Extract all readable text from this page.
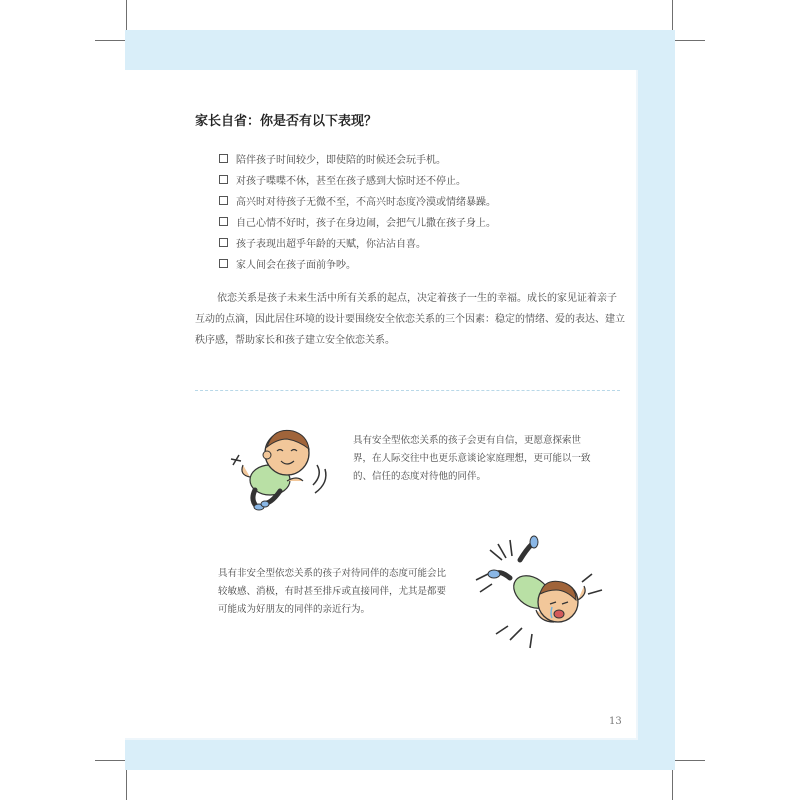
家长自省：你是否有以下表现？
陪伴孩子时间较少，即使陪的时候还会玩手机。
对孩子喋喋不休，甚至在孩子感到大惊时还不停止。
高兴时对待孩子无微不至，不高兴时态度冷漠或情绪暴躁。
自己心情不好时，孩子在身边闹，会把气儿撒在孩子身上。
孩子表现出超乎年龄的天赋，你沾沾自喜。
家人间会在孩子面前争吵。

依恋关系是孩子未来生活中所有关系的起点，决定着孩子一生的幸福。成长的家见证着亲子互动的点滴，因此居住环境的设计要围绕安全依恋关系的三个因素：稳定的情绪、爱的表达、建立秩序感，帮助家长和孩子建立安全依恋关系。

具有安全型依恋关系的孩子会更有自信，更愿意探索世界，在人际交往中也更乐意谈论家庭理想，更可能以一致的、信任的态度对待他的同伴。

具有非安全型依恋关系的孩子对待同伴的态度可能会比较敏感、消极，有时甚至排斥或直接同伴，尤其是都要可能成为好朋友的同伴的亲近行为。

13
